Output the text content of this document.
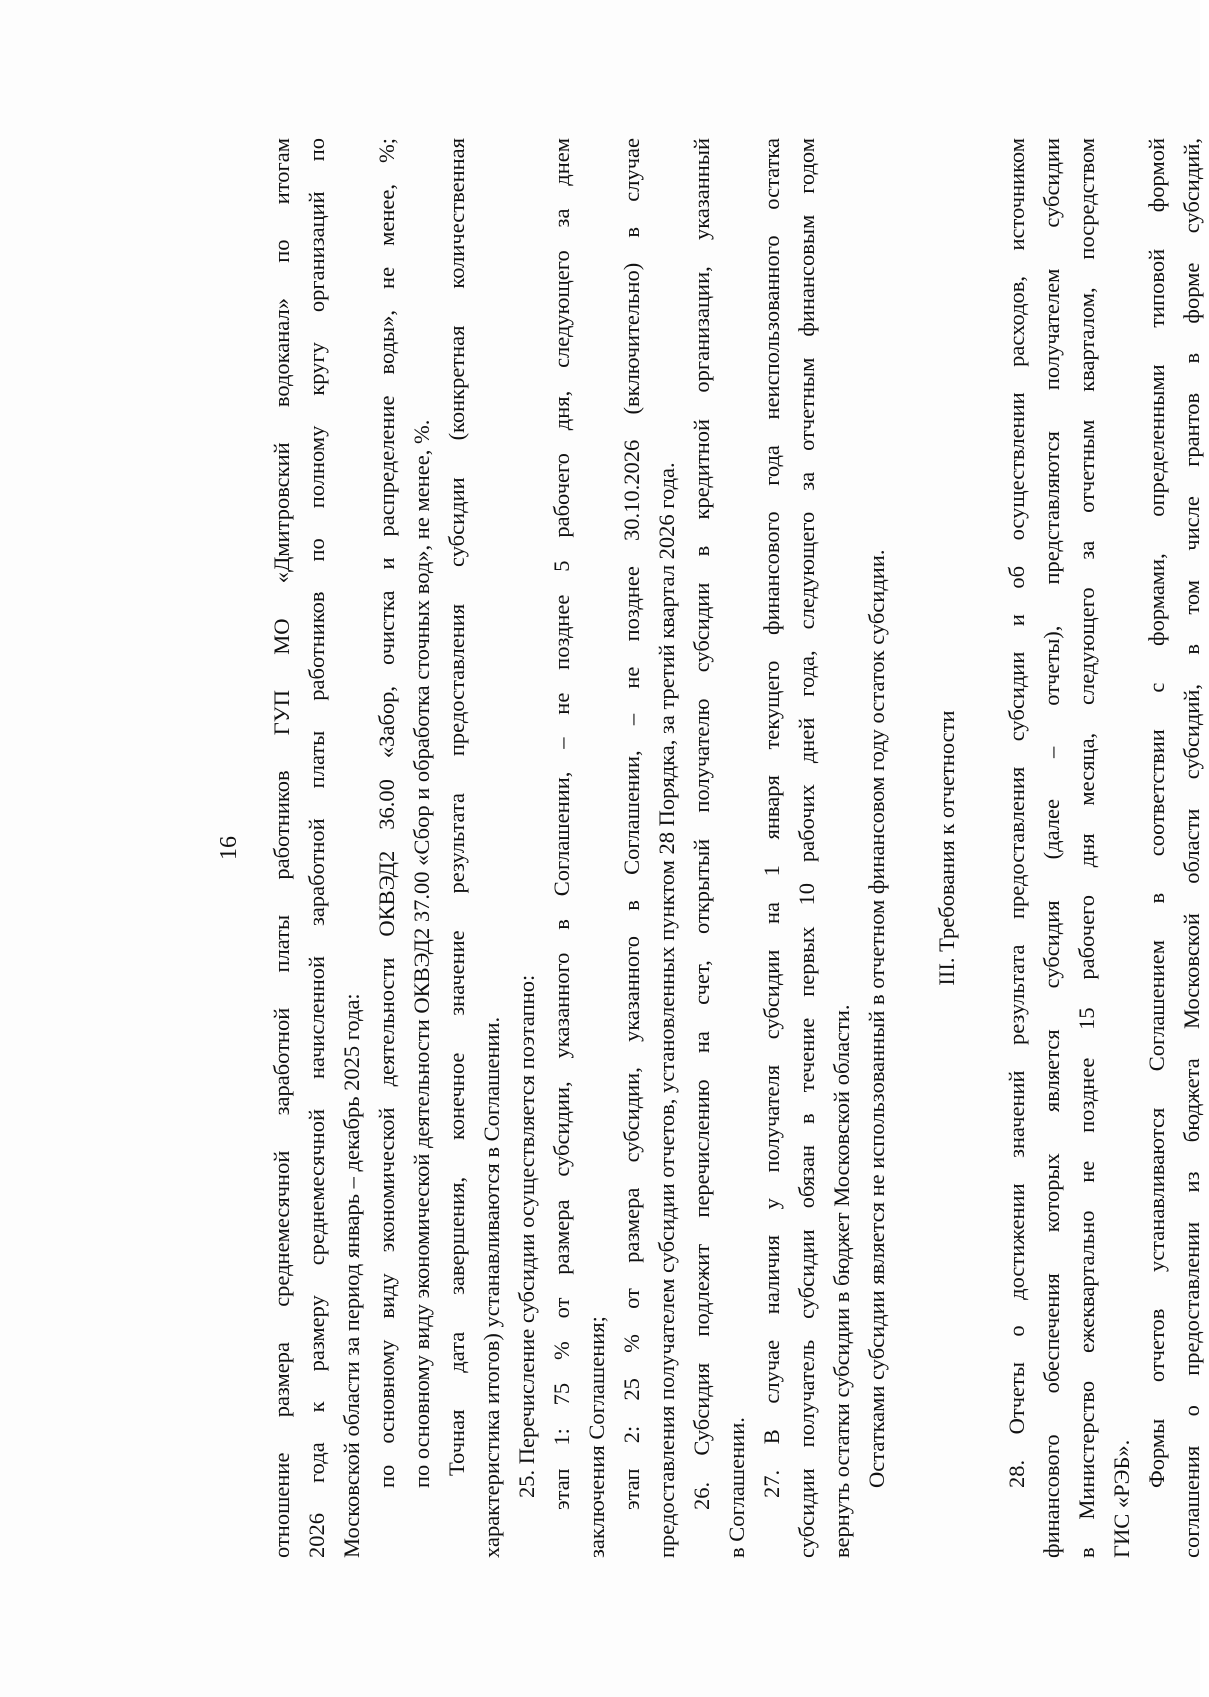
16 отношение размера среднемесячной заработной платы работников ГУП МО «Дмитровский водоканал» по итогам 2026 года к размеру среднемесячной начисленной заработной платы работников по полному кругу организаций по Московской области за период январь – декабрь 2025 года: по основному виду экономической деятельности ОКВЭД2 36.00 «Забор, очистка и распределение воды», не менее, %; по основному виду экономической деятельности ОКВЭД2 37.00 «Сбор и обработка сточных вод», не менее, %. Точная дата завершения, конечное значение результата предоставления субсидии (конкретная количественная характеристика итогов) устанавливаются в Соглашении. 25. Перечисление субсидии осуществляется поэтапно: этап 1: 75 % от размера субсидии, указанного в Соглашении, – не позднее 5 рабочего дня, следующего за днем заключения Соглашения; этап 2: 25 % от размера субсидии, указанного в Соглашении, – не позднее 30.10.2026 (включительно) в случае предоставления получателем субсидии отчетов, установленных пунктом 28 Порядка, за третий квартал 2026 года. 26. Субсидия подлежит перечислению на счет, открытый получателю субсидии в кредитной организации, указанный в Соглашении. 27. В случае наличия у получателя субсидии на 1 января текущего финансового года неиспользованного остатка субсидии получатель субсидии обязан в течение первых 10 рабочих дней года, следующего за отчетным финансовым годом вернуть остатки субсидии в бюджет Московской области. Остатками субсидии является не использованный в отчетном финансовом году остаток субсидии. III. Требования к отчетности 28. Отчеты о достижении значений результата предоставления субсидии и об осуществлении расходов, источником финансового обеспечения которых является субсидия (далее – отчеты), представляются получателем субсидии в Министерство ежеквартально не позднее 15 рабочего дня месяца, следующего за отчетным кварталом, посредством ГИС «РЭБ».
Формы отчетов устанавливаются Соглашением в соответствии с формами, определенными типовой формой соглашения о предоставлении из бюджета Московской области субсидий, в том числе грантов в форме субсидий,
